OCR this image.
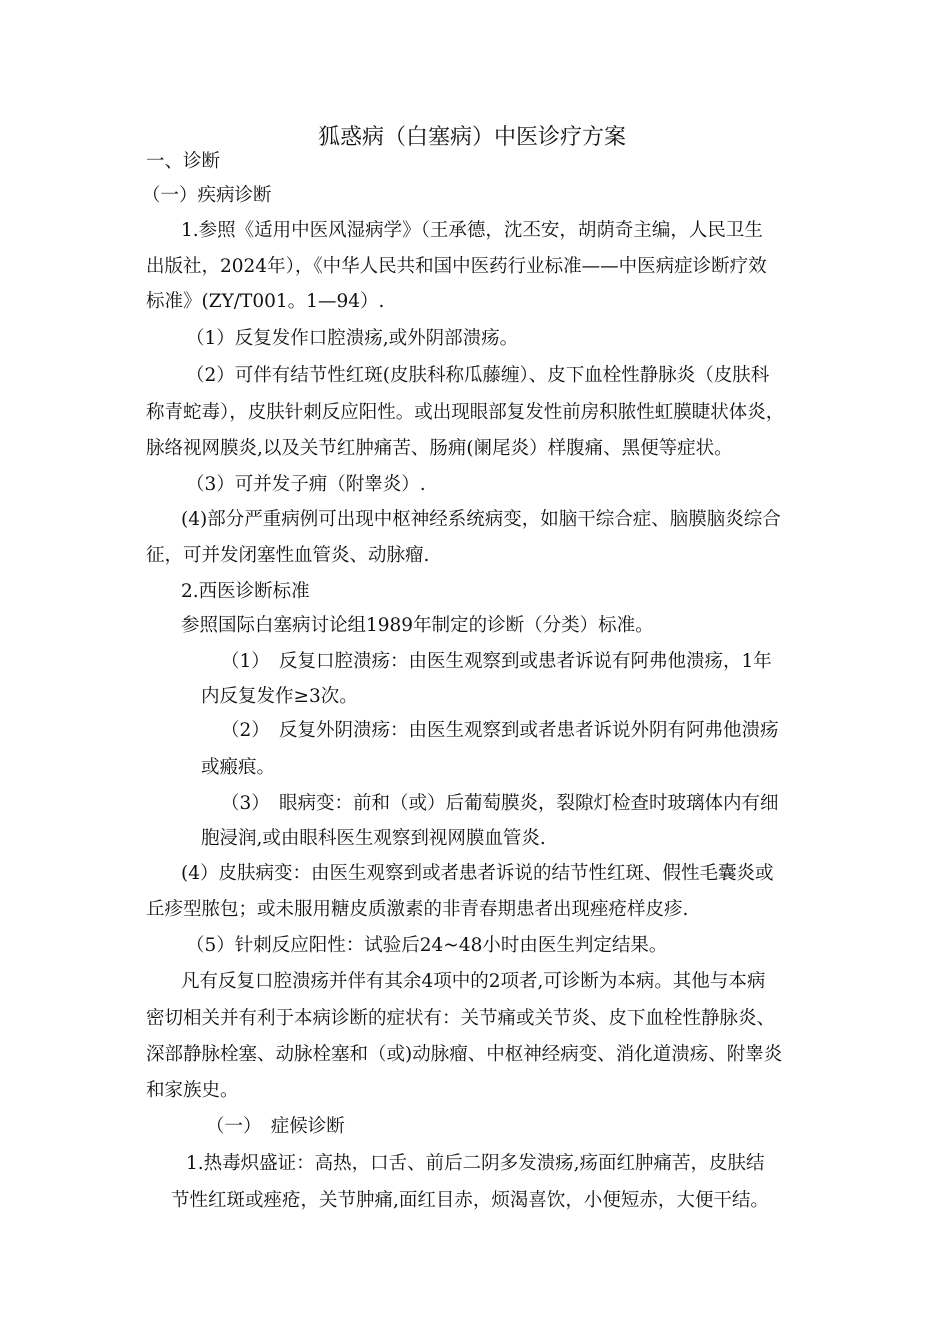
狐惑病（白塞病）中医诊疗方案
一、诊断
（一）疾病诊断
1.参照《适用中医风湿病学》（王承德，沈丕安，胡荫奇主编，人民卫生
出版社，2024年），《中华人民共和国中医药行业标准——中医病症诊断疗效
标准》(ZY/T001。1—94）.
（1）反复发作口腔溃疡,或外阴部溃疡。
（2）可伴有结节性红斑(皮肤科称瓜藤缠）、皮下血栓性静脉炎（皮肤科
称青蛇毒），皮肤针刺反应阳性。或出现眼部复发性前房积脓性虹膜睫状体炎，
脉络视网膜炎,以及关节红肿痛苦、肠痈(阑尾炎）样腹痛、黑便等症状。
（3）可并发子痈（附睾炎）.
(4)部分严重病例可出现中枢神经系统病变，如脑干综合症、脑膜脑炎综合
征，可并发闭塞性血管炎、动脉瘤.
2.西医诊断标准
参照国际白塞病讨论组1989年制定的诊断（分类）标准。
（1）　反复口腔溃疡：由医生观察到或患者诉说有阿弗他溃疡，1年
内反复发作≥3次。
（2）　反复外阴溃疡：由医生观察到或者患者诉说外阴有阿弗他溃疡
或瘢痕。
（3）　眼病变：前和（或）后葡萄膜炎，裂隙灯检查时玻璃体内有细
胞浸润,或由眼科医生观察到视网膜血管炎.
(4）皮肤病变：由医生观察到或者患者诉说的结节性红斑、假性毛囊炎或
丘疹型脓包；或未服用糖皮质激素的非青春期患者出现痤疮样皮疹.
（5）针刺反应阳性：试验后24~48小时由医生判定结果。
凡有反复口腔溃疡并伴有其余4项中的2项者,可诊断为本病。其他与本病
密切相关并有利于本病诊断的症状有：关节痛或关节炎、皮下血栓性静脉炎、
深部静脉栓塞、动脉栓塞和（或)动脉瘤、中枢神经病变、消化道溃疡、附睾炎
和家族史。
（一）　症候诊断
1.热毒炽盛证：高热，口舌、前后二阴多发溃疡,疡面红肿痛苦，皮肤结
节性红斑或痤疮，关节肿痛,面红目赤，烦渴喜饮，小便短赤，大便干结。
